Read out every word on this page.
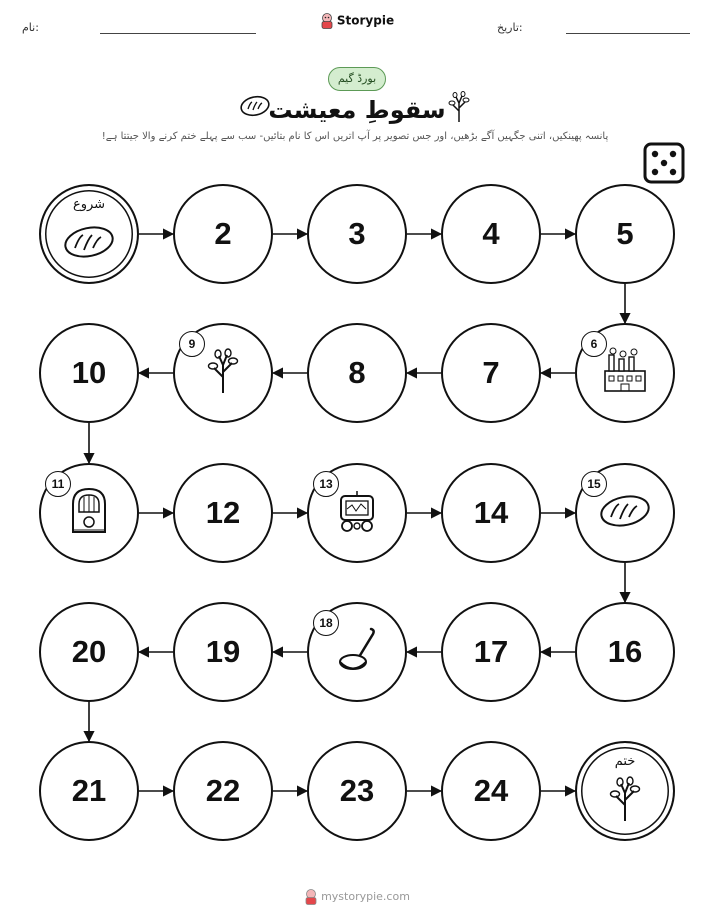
نام:	Storypie	تاریخ:
بورڈ گیم
سقوطِ معیشت
پانسہ پھینکیں، اتنی جگہیں آگے بڑھیں، اور جس تصویر پر آپ اتریں اس کا نام بتائیں- سب سے پہلے ختم کرنے والا جیتتا ہے!
شروع
2	3	4	5
6
7
8
9
10
11
12
13
14
15
16
17
18
19
20
21	22	23	24
ختم
mystorypie.com
